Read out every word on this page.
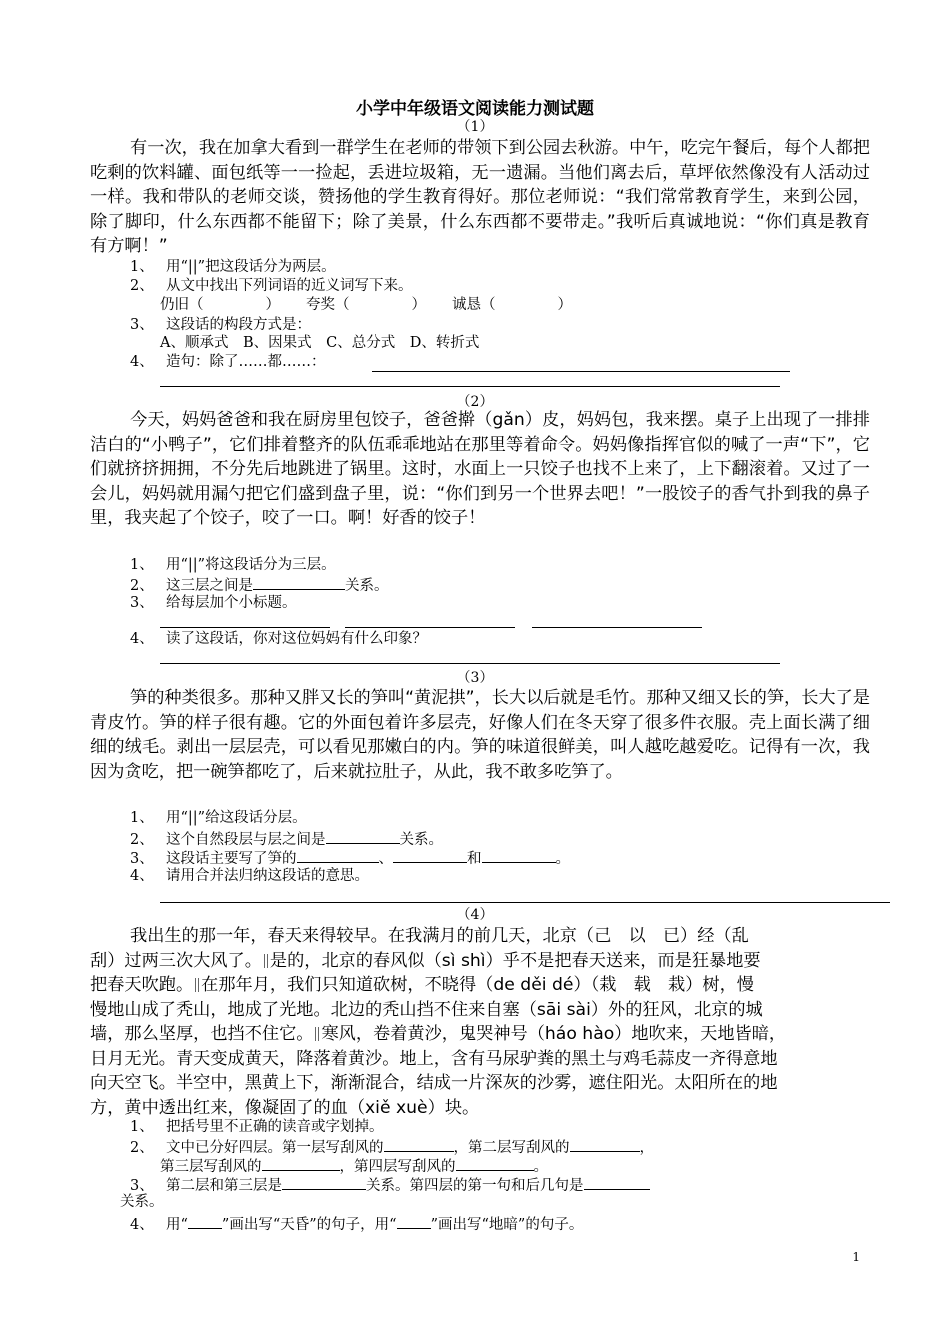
小学中年级语文阅读能力测试题
（1）
有一次，我在加拿大看到一群学生在老师的带领下到公园去秋游。中午，吃完午餐后，每个人都把吃剩的饮料罐、面包纸等一一捡起，丢进垃圾箱，无一遗漏。当他们离去后，草坪依然像没有人活动过一样。我和带队的老师交谈，赞扬他的学生教育得好。那位老师说：“我们常常教育学生，来到公园，除了脚印，什么东西都不能留下；除了美景，什么东西都不要带走。”我听后真诚地说：“你们真是教育有方啊！”
1、 用“||”把这段话分为两层。
2、 从文中找出下列词语的近义词写下来。
仍旧（	） 夸奖（	） 诚恳（	）
3、 这段话的构段方式是：
A、顺承式　B、因果式　C、总分式　D、转折式
4、 造句：除了……都……：
（2）
今天，妈妈爸爸和我在厨房里包饺子，爸爸擀（gǎn）皮，妈妈包，我来摆。桌子上出现了一排排洁白的“小鸭子”，它们排着整齐的队伍乖乖地站在那里等着命令。妈妈像指挥官似的喊了一声“下”，它们就挤挤拥拥，不分先后地跳进了锅里。这时，水面上一只饺子也找不上来了，上下翻滚着。又过了一会儿，妈妈就用漏勺把它们盛到盘子里，说：“你们到另一个世界去吧！”一股饺子的香气扑到我的鼻子里，我夹起了个饺子，咬了一口。啊！好香的饺子！
1、 用“||”将这段话分为三层。
2、 这三层之间是	关系。
3、 给每层加个小标题。
4、 读了这段话，你对这位妈妈有什么印象？
（3）
笋的种类很多。那种又胖又长的笋叫“黄泥拱”，长大以后就是毛竹。那种又细又长的笋，长大了是青皮竹。笋的样子很有趣。它的外面包着许多层壳，好像人们在冬天穿了很多件衣服。壳上面长满了细细的绒毛。剥出一层层壳，可以看见那嫩白的内。笋的味道很鲜美，叫人越吃越爱吃。记得有一次，我因为贪吃，把一碗笋都吃了，后来就拉肚子，从此，我不敢多吃笋了。
1、 用“||”给这段话分层。
2、 这个自然段层与层之间是	关系。
3、 这段话主要写了笋的	、	和	。
4、 请用合并法归纳这段话的意思。
（4）
我出生的那一年，春天来得较早。在我满月的前几天，北京（己　以　已）经（乱
刮）过两三次大风了。 是的，北京的春风似（sì shì）乎不是把春天送来，而是狂暴地要
把春天吹跑。 在那年月，我们只知道砍树，不晓得（de děi dé）（栽　载　栽）树，慢
慢地山成了秃山，地成了光地。北边的秃山挡不住来自塞（sāi sài）外的狂风，北京的城
墙，那么坚厚，也挡不住它。 寒风，卷着黄沙，鬼哭神号（háo hào）地吹来，天地皆暗，
日月无光。青天变成黄天，降落着黄沙。地上，含有马尿驴粪的黑土与鸡毛蒜皮一齐得意地
向天空飞。半空中，黑黄上下，渐渐混合，结成一片深灰的沙雾，遮住阳光。太阳所在的地
方，黄中透出红来，像凝固了的血（xiě xuè）块。
1、 把括号里不正确的读音或字划掉。
2、 文中已分好四层。第一层写刮风的	，第二层写刮风的	，
第三层写刮风的	，第四层写刮风的	。
3、 第二层和第三层是	关系。第四层的第一句和后几句是
关系。
4、 用“ ”画出写“天昏”的句子，用“ ”画出写“地暗”的句子。
1
